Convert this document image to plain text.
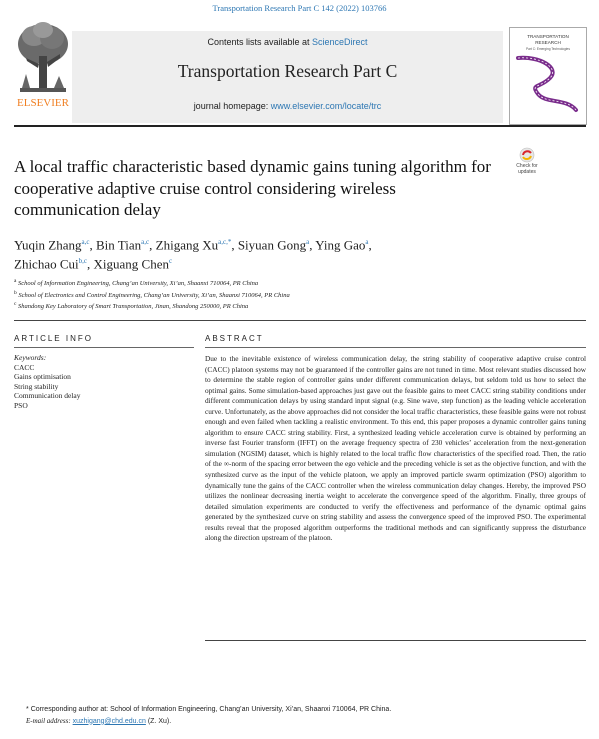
Transportation Research Part C 142 (2022) 103766
ELSEVIER
Contents lists available at ScienceDirect
Transportation Research Part C
journal homepage: www.elsevier.com/locate/trc
TRANSPORTATION
RESEARCH
Part C: Emerging Technologies
A local traffic characteristic based dynamic gains tuning algorithm for cooperative adaptive cruise control considering wireless communication delay
Check for updates
Yuqin Zhang$^{a,c}$, Bin Tian$^{a,c}$, Zhigang $Xu^{a,c,*}$, Siyuan Gong$^a$, Ying Gao$^a$,
Zhichao Cui$^{b,c}$, Xiguang Chen$^c$
$^a$ School of Information Engineering, Chang’an University, Xi’an, Shaanxi 710064, PR China
$^b$ School of Electronics and Control Engineering, Chang’an University, Xi’an, Shaanxi 710064, PR China
$^c$ Shandong Key Laboratory of Smart Transportation, Jinan, Shandong 250000, PR China
ARTICLE INFO	ABSTRACT
Keywords:
CACC
Gains optimisation
String stability
Communication delay
PSO
Due to the inevitable existence of wireless communication delay, the string stability of cooperative adaptive cruise control (CACC) platoon systems may not be guaranteed if the controller gains are not tuned in time. Most relevant studies discussed how to determine the stable region of controller gains under different communication delays, but seldom told us how to select the optimal gains. Some simulation-based approaches just gave out the feasible gains to meet CACC string stability conditions under different communication delays by using standard input signal (e.g. Sine wave, step function) as the leading vehicle acceleration curve. Unfortunately, as the above approaches did not consider the local traffic characteristics, these feasible gains were not robust enough and even failed when tackling a realistic environment. To this end, this paper proposes a dynamic controller gains tuning algorithm to ensure CACC string stability. First, a synthesized leading vehicle acceleration curve is obtained by performing an inverse fast Fourier transform (IFFT) on the average frequency spectra of 230 vehicles’ acceleration from the next-generation simulation (NGSIM) dataset, which is highly related to the local traffic flow characteristics of the specified road. Then, the ratio of the ∞-norm of the spacing error between the ego vehicle and the preceding vehicle is set as the objective function, and with the synthesized curve as the input of the vehicle platoon, we apply an improved particle swarm optimization (PSO) algorithm to dynamically tune the gains of the CACC controller when the wireless communication delay changes. Hereby, the improved PSO utilizes the nonlinear decreasing inertia weight to accelerate the convergence speed of the algorithm. Finally, three groups of detailed simulation experiments are conducted to verify the effectiveness and performance of the dynamic optimal gains generated by the synthesized curve on string stability and assess the convergence speed of the improved PSO. The experimental results reveal that the proposed algorithm outperforms the traditional methods and can significantly suppress the disturbance along the direction upstream of the platoon.
* Corresponding author at: School of Information Engineering, Chang’an University, Xi’an, Shaanxi 710064, PR China.
E-mail address: xuzhigang@chd.edu.cn (Z. Xu).
